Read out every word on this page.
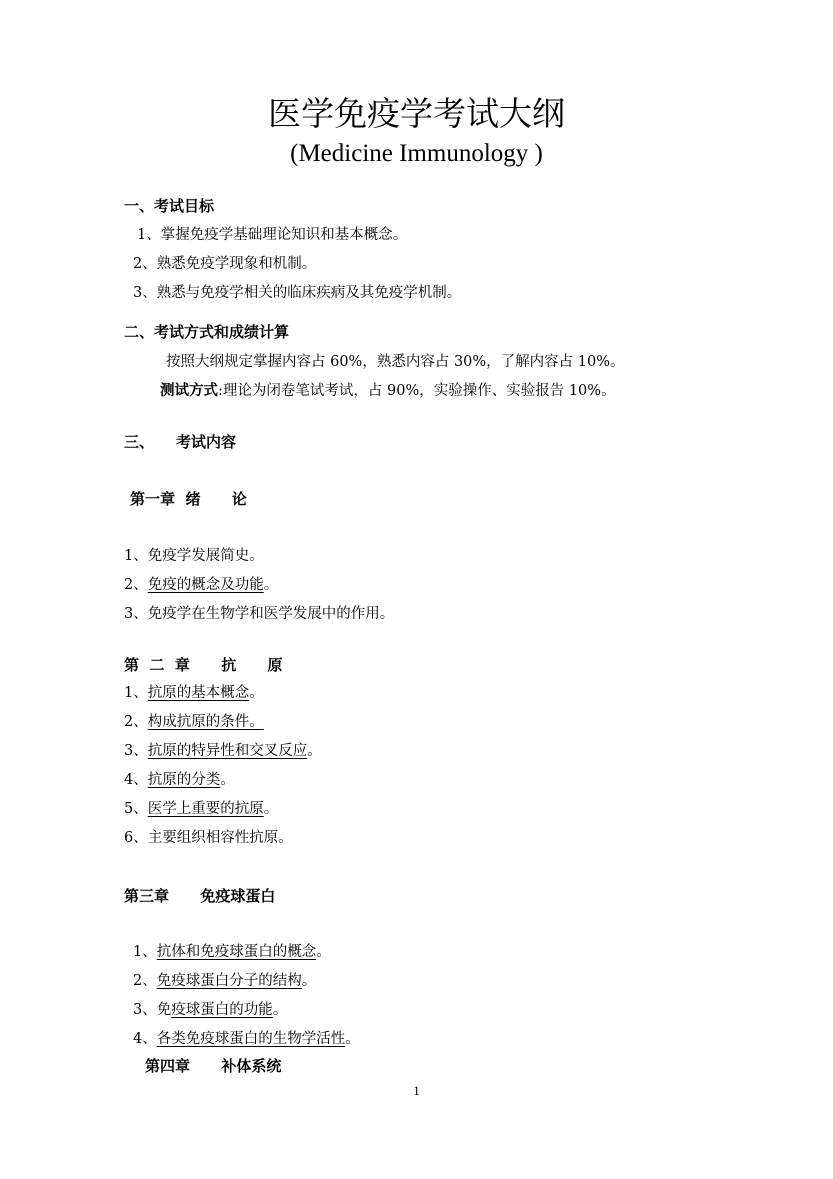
医学免疫学考试大纲
(Medicine Immunology )
一、考试目标
1、掌握免疫学基础理论知识和基本概念。
2、熟悉免疫学现象和机制。
3、熟悉与免疫学相关的临床疾病及其免疫学机制。
二、考试方式和成绩计算
按照大纲规定掌握内容占 60%，熟悉内容占 30%，了解内容占 10%。
测试方式:理论为闭卷笔试考试，占 90%，实验操作、实验报告 10%。
三、 考试内容
第一章  绪      论
1、免疫学发展简史。
2、免疫的概念及功能。
3、免疫学在生物学和医学发展中的作用。
第  二  章      抗      原
1、抗原的基本概念。
2、构成抗原的条件。
3、抗原的特异性和交叉反应。
4、抗原的分类。
5、医学上重要的抗原。
6、主要组织相容性抗原。
第三章      免疫球蛋白
1、抗体和免疫球蛋白的概念。
2、免疫球蛋白分子的结构。
3、免疫球蛋白的功能。
4、各类免疫球蛋白的生物学活性。
第四章      补体系统
1
